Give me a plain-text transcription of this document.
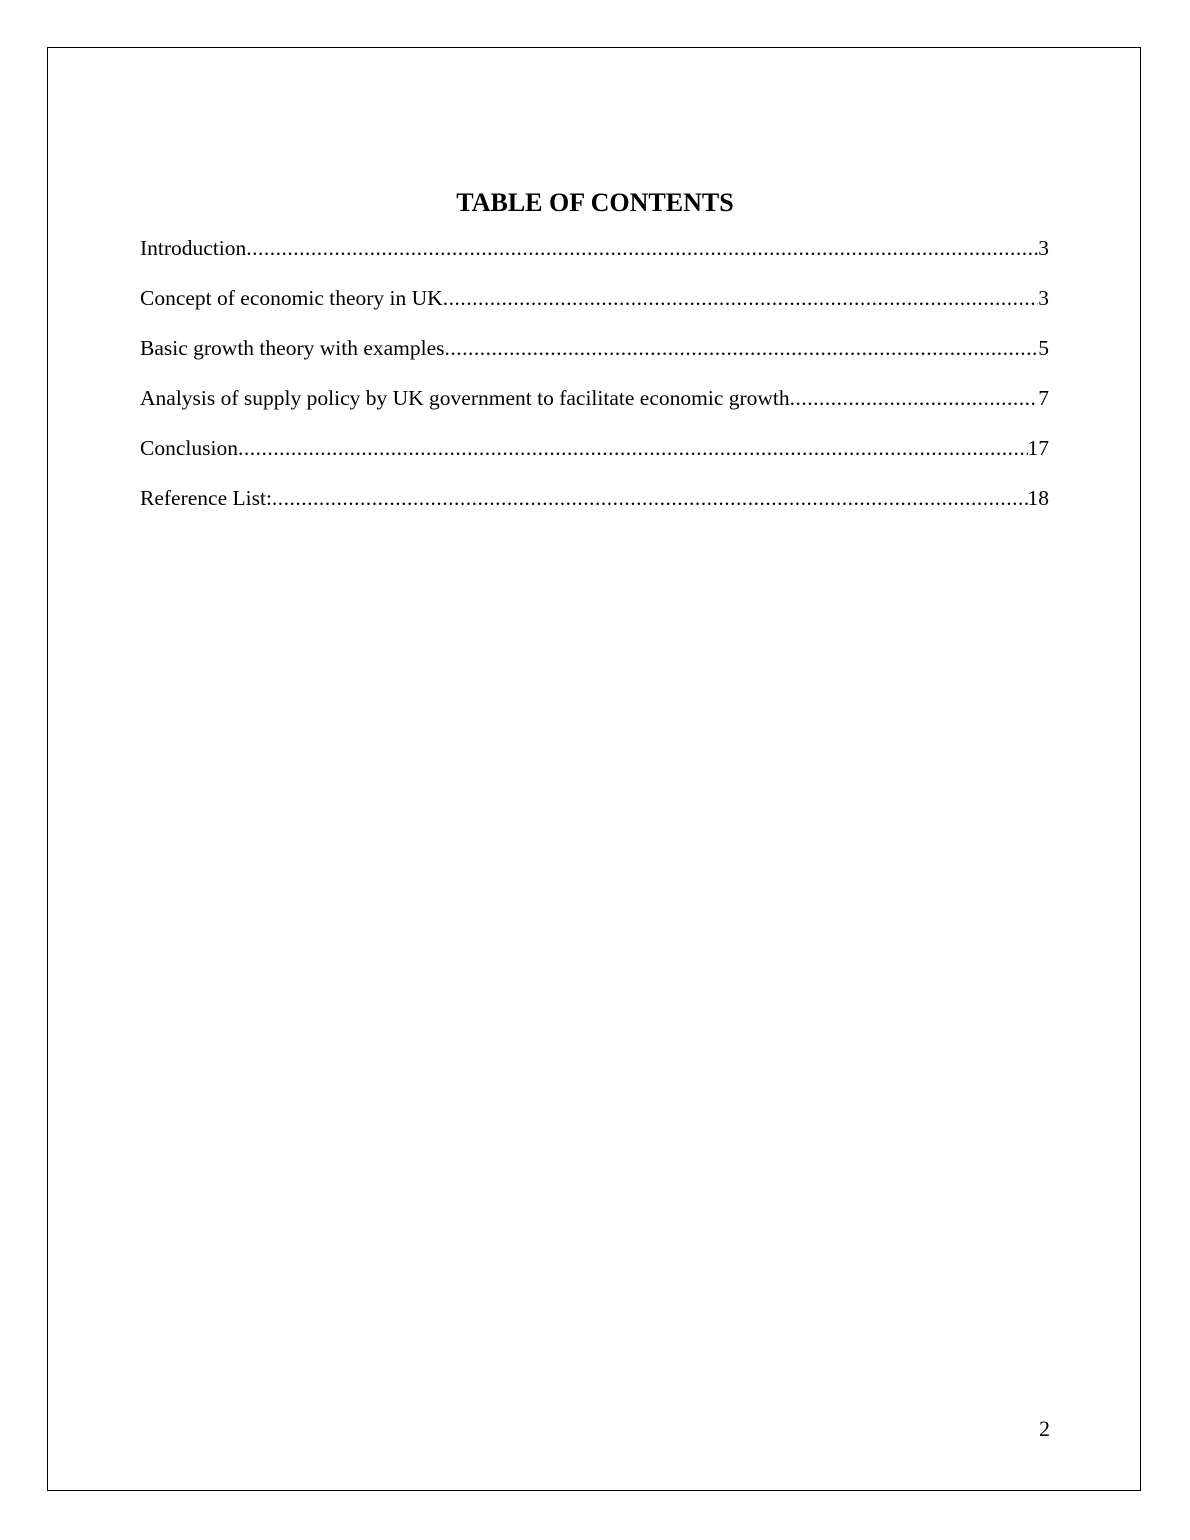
TABLE OF CONTENTS
Introduction .....	3
Concept of economic theory in UK .....	3
Basic growth theory with examples .....	5
Analysis of supply policy by UK government to facilitate economic growth .....	7
Conclusion .....	17
Reference List: .....	18
2
